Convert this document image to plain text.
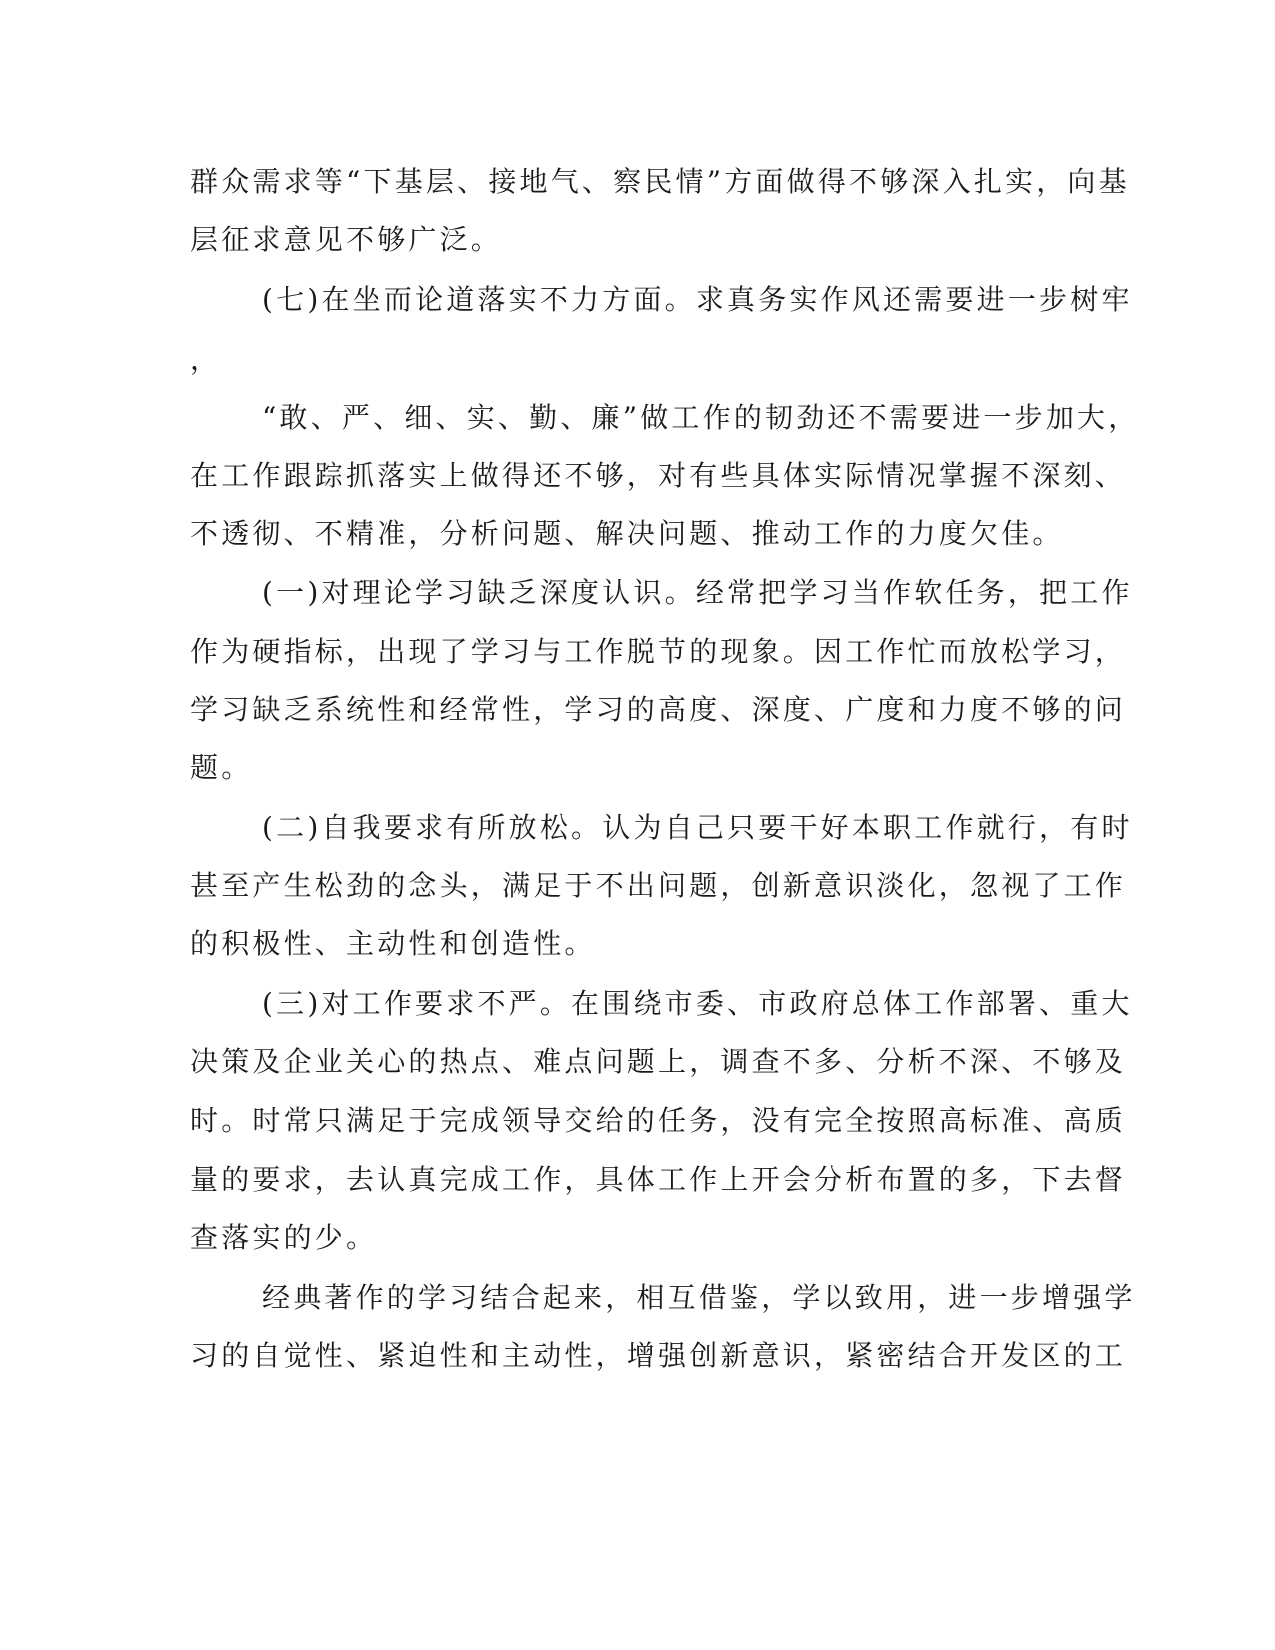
群众需求等“下基层、接地气、察民情”方面做得不够深入扎实，向基
层征求意见不够广泛。
(七)在坐而论道落实不力方面。求真务实作风还需要进一步树牢
，
“敢、严、细、实、勤、廉”做工作的韧劲还不需要进一步加大，
在工作跟踪抓落实上做得还不够，对有些具体实际情况掌握不深刻、
不透彻、不精准，分析问题、解决问题、推动工作的力度欠佳。
(一)对理论学习缺乏深度认识。经常把学习当作软任务，把工作
作为硬指标，出现了学习与工作脱节的现象。因工作忙而放松学习，
学习缺乏系统性和经常性，学习的高度、深度、广度和力度不够的问
题。
(二)自我要求有所放松。认为自己只要干好本职工作就行，有时
甚至产生松劲的念头，满足于不出问题，创新意识淡化，忽视了工作
的积极性、主动性和创造性。
(三)对工作要求不严。在围绕市委、市政府总体工作部署、重大
决策及企业关心的热点、难点问题上，调查不多、分析不深、不够及
时。时常只满足于完成领导交给的任务，没有完全按照高标准、高质
量的要求，去认真完成工作，具体工作上开会分析布置的多，下去督
查落实的少。
经典著作的学习结合起来，相互借鉴，学以致用，进一步增强学
习的自觉性、紧迫性和主动性，增强创新意识，紧密结合开发区的工
